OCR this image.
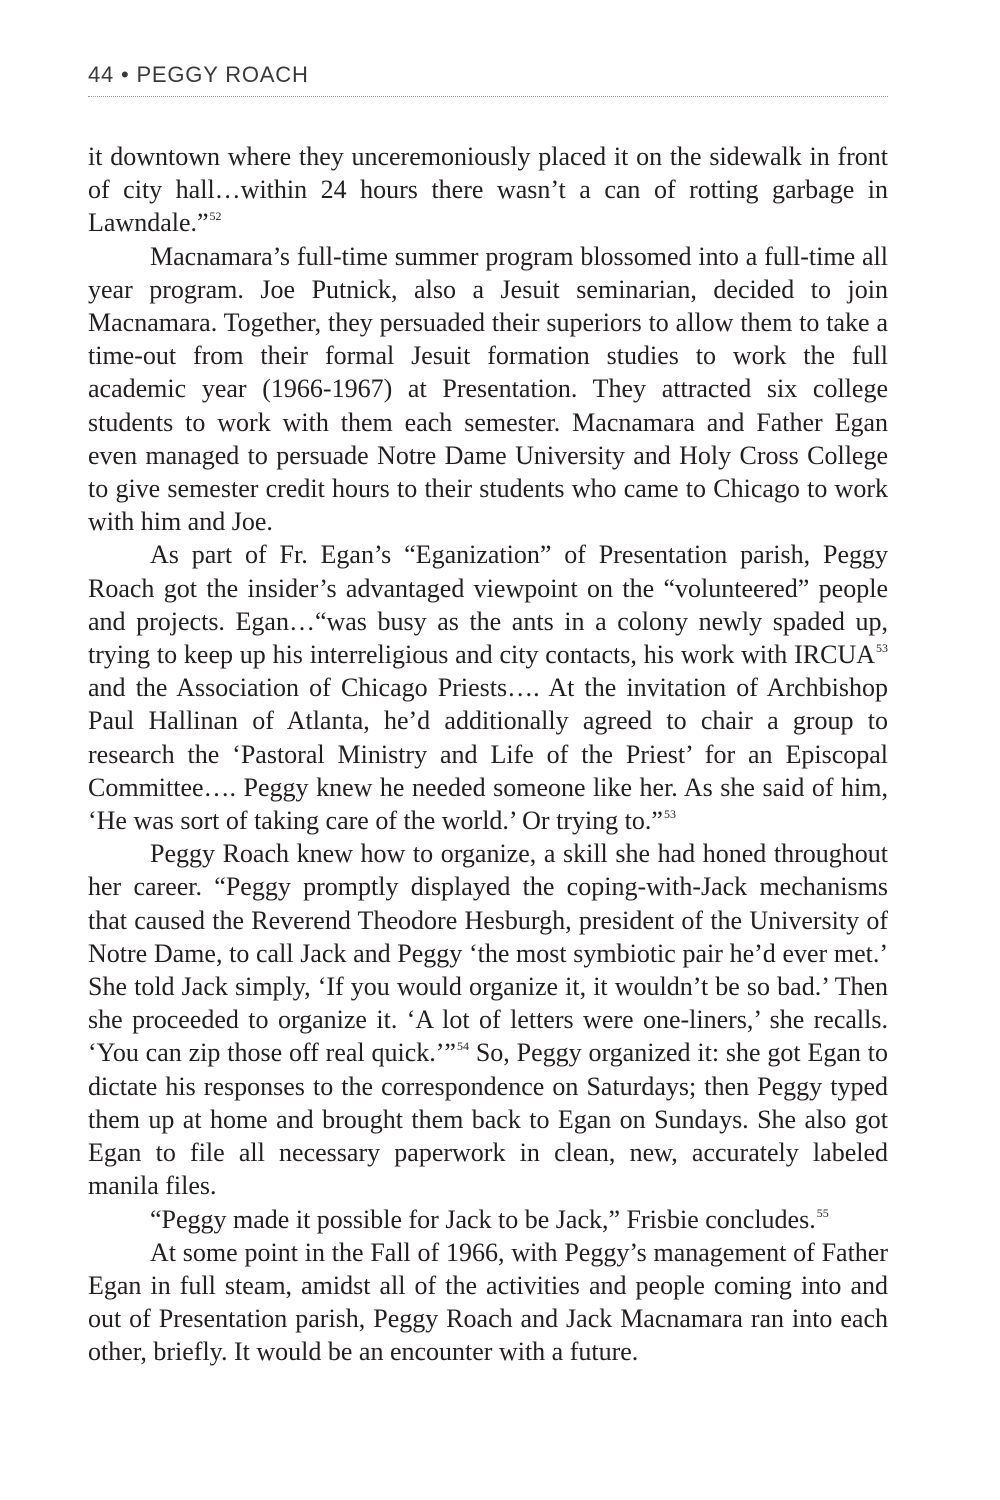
44 • PEGGY ROACH

it downtown where they unceremoniously placed it on the sidewalk in front of city hall…within 24 hours there wasn’t a can of rotting garbage in Lawndale.”$^{52}$

Macnamara’s full-time summer program blossomed into a full-time all year program. Joe Putnick, also a Jesuit seminarian, decided to join Macnamara. Together, they persuaded their superiors to allow them to take a time-out from their formal Jesuit formation studies to work the full academic year (1966-1967) at Presentation. They attracted six college students to work with them each semester. Macnamara and Father Egan even managed to persuade Notre Dame University and Holy Cross College to give semester credit hours to their students who came to Chicago to work with him and Joe.

As part of Fr. Egan’s “Eganization” of Presentation parish, Peggy Roach got the insider’s advantaged viewpoint on the “volunteered” people and projects. Egan…“was busy as the ants in a colony newly spaded up, trying to keep up his interreligious and city contacts, his work with IRCUA$^{53}$ and the Association of Chicago Priests…. At the invitation of Archbishop Paul Hallinan of Atlanta, he’d additionally agreed to chair a group to research the ‘Pastoral Ministry and Life of the Priest’ for an Episcopal Committee…. Peggy knew he needed someone like her. As she said of him, ‘He was sort of taking care of the world.’ Or trying to.”$^{53}$

Peggy Roach knew how to organize, a skill she had honed throughout her career. “Peggy promptly displayed the coping-with-Jack mechanisms that caused the Reverend Theodore Hesburgh, president of the University of Notre Dame, to call Jack and Peggy ‘the most symbiotic pair he’d ever met.’ She told Jack simply, ‘If you would organize it, it wouldn’t be so bad.’ Then she proceeded to organize it. ‘A lot of letters were one-liners,’ she recalls. ‘You can zip those off real quick.’”$^{54}$ So, Peggy organized it: she got Egan to dictate his responses to the correspondence on Saturdays; then Peggy typed them up at home and brought them back to Egan on Sundays. She also got Egan to file all necessary paperwork in clean, new, accurately labeled manila files.

“Peggy made it possible for Jack to be Jack,” Frisbie concludes.$^{55}$

At some point in the Fall of 1966, with Peggy’s management of Father Egan in full steam, amidst all of the activities and people coming into and out of Presentation parish, Peggy Roach and Jack Macnamara ran into each other, briefly. It would be an encounter with a future.
